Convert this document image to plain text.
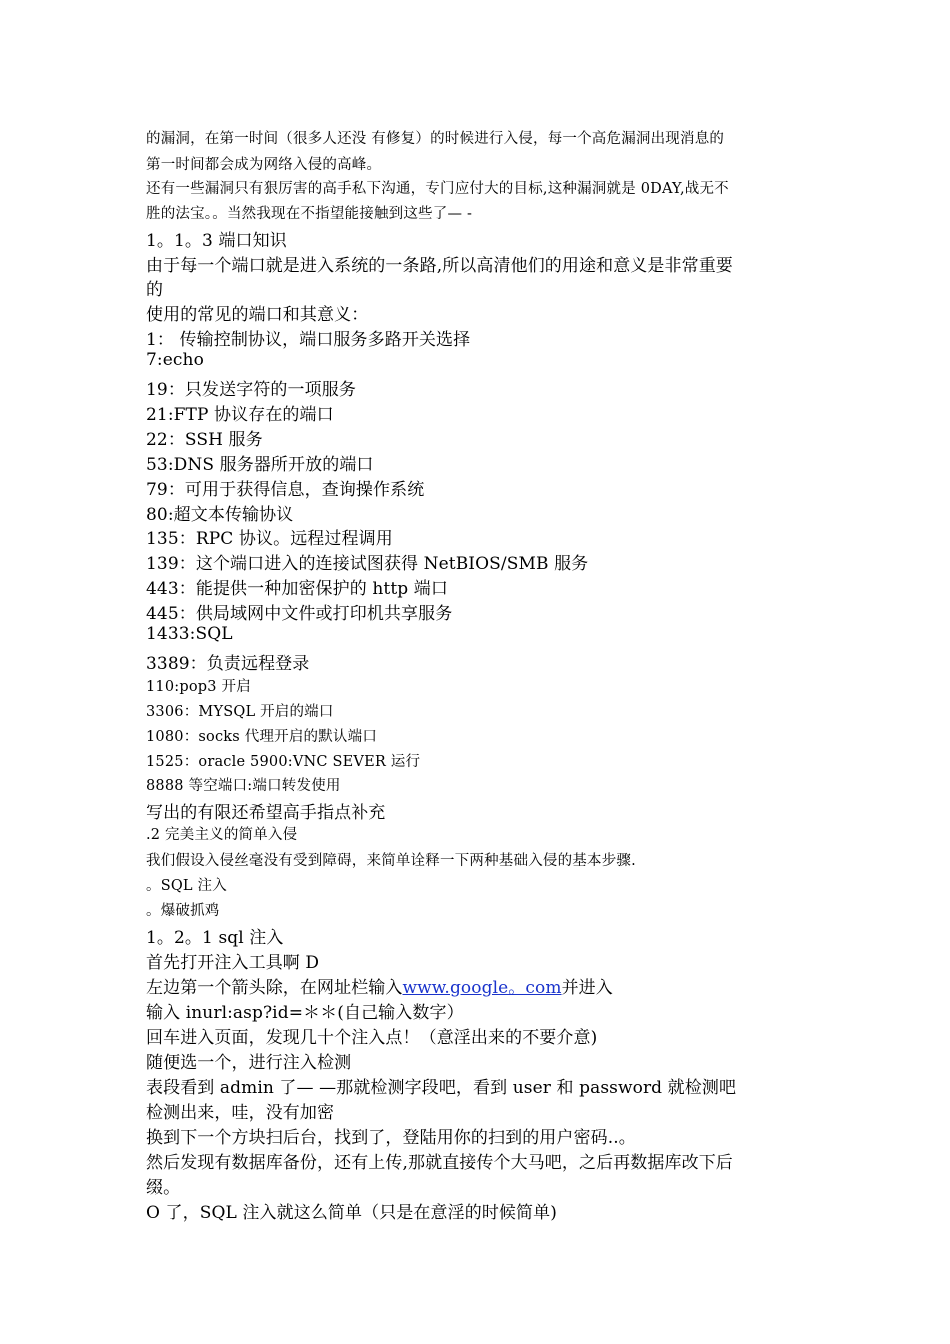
的漏洞，在第一时间（很多人还没 有修复）的时候进行入侵，每一个高危漏洞出现消息的
第一时间都会成为网络入侵的高峰。
还有一些漏洞只有狠厉害的高手私下沟通，专门应付大的目标,这种漏洞就是 0DAY,战无不
胜的法宝。。当然我现在不指望能接触到这些了— -
1。1。3 端口知识
由于每一个端口就是进入系统的一条路,所以高清他们的用途和意义是非常重要
的
使用的常见的端口和其意义：
1： 传输控制协议，端口服务多路开关选择
7:echo
19：只发送字符的一项服务
21:FTP 协议存在的端口
22：SSH 服务
53:DNS 服务器所开放的端口
79：可用于获得信息，查询操作系统
80:超文本传输协议
135：RPC 协议。远程过程调用
139：这个端口进入的连接试图获得 NetBIOS/SMB 服务
443：能提供一种加密保护的 http 端口
445：供局域网中文件或打印机共享服务
1433:SQL
3389：负责远程登录
110:pop3 开启
3306：MYSQL 开启的端口
1080：socks 代理开启的默认端口
1525：oracle 5900:VNC SEVER 运行
8888 等空端口:端口转发使用
写出的有限还希望高手指点补充
.2 完美主义的简单入侵
我们假设入侵丝毫没有受到障碍，来简单诠释一下两种基础入侵的基本步骤.
。SQL 注入
。爆破抓鸡
1。2。1 sql 注入
首先打开注入工具啊 D
左边第一个箭头除，在网址栏输入www.google。com并进入
输入 inurl:asp?id=＊＊(自己输入数字）
回车进入页面，发现几十个注入点！（意淫出来的不要介意)
随便选一个，进行注入检测
表段看到 admin 了— —那就检测字段吧，看到 user 和 password 就检测吧
检测出来，哇，没有加密
换到下一个方块扫后台，找到了，登陆用你的扫到的用户密码..。
然后发现有数据库备份，还有上传,那就直接传个大马吧，之后再数据库改下后
缀。
O 了，SQL 注入就这么简单（只是在意淫的时候简单)
